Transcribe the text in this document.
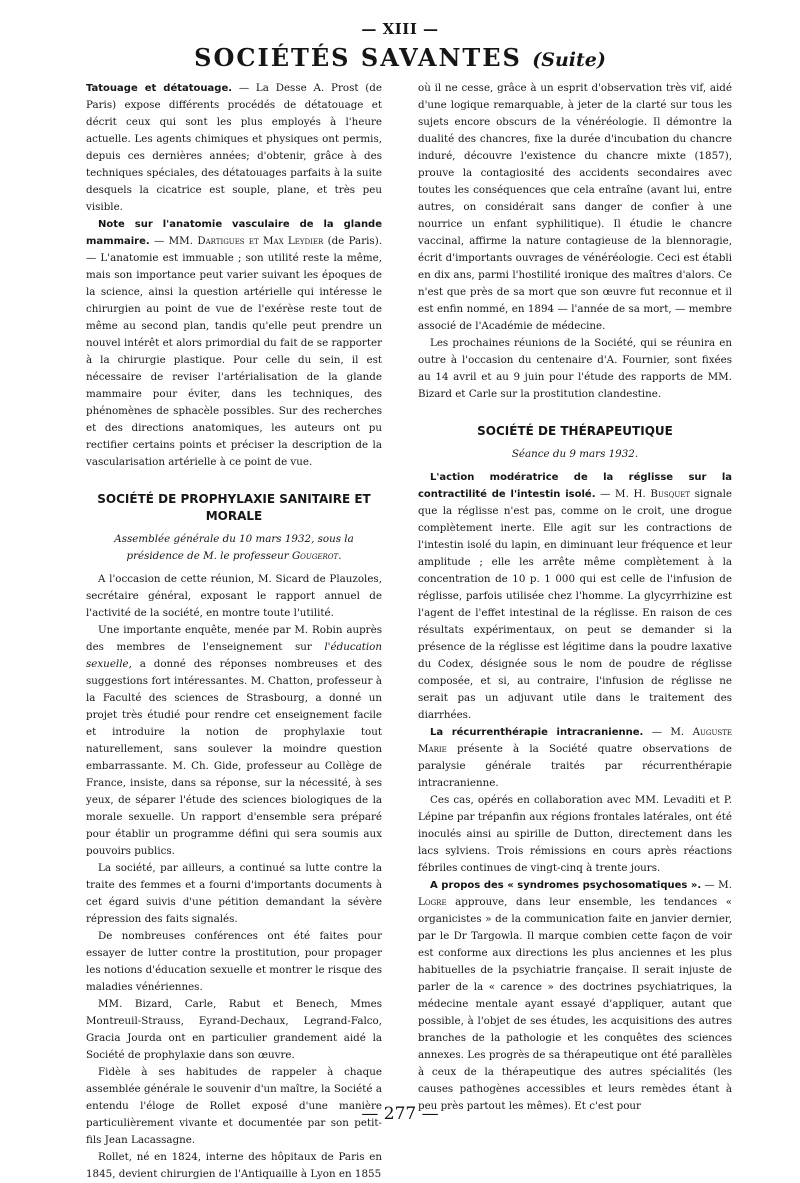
— XIII —
SOCIÉTÉS SAVANTES (Suite)

Tatouage et détatouage. — La Desse A. Prost (de Paris) expose différents procédés de détatouage et décrit ceux qui sont les plus employés à l'heure actuelle. Les agents chimiques et physiques ont permis, depuis ces dernières années; d'obtenir, grâce à des techniques spéciales, des détatouages parfaits à la suite desquels la cicatrice est souple, plane, et très peu visible.

Note sur l'anatomie vasculaire de la glande mammaire. — MM. Dartigues et Max Leydier (de Paris). — L'anatomie est immuable ; son utilité reste la même, mais son importance peut varier suivant les époques de la science, ainsi la question artérielle qui intéresse le chirurgien au point de vue de l'exérèse reste tout de même au second plan, tandis qu'elle peut prendre un nouvel intérêt et alors primordial du fait de se rapporter à la chirurgie plastique. Pour celle du sein, il est nécessaire de reviser l'artérialisation de la glande mammaire pour éviter, dans les techniques, des phénomènes de sphacèle possibles. Sur des recherches et des directions anatomiques, les auteurs ont pu rectifier certains points et préciser la description de la vascularisation artérielle à ce point de vue.

SOCIÉTÉ DE PROPHYLAXIE SANITAIRE ET MORALE

Assemblée générale du 10 mars 1932, sous la présidence de M. le professeur Gougerot.

A l'occasion de cette réunion, M. Sicard de Plauzoles, secrétaire général, exposant le rapport annuel de l'activité de la société, en montre toute l'utilité.

Une importante enquête, menée par M. Robin auprès des membres de l'enseignement sur l'éducation sexuelle, a donné des réponses nombreuses et des suggestions fort intéressantes. M. Chatton, professeur à la Faculté des sciences de Strasbourg, a donné un projet très étudié pour rendre cet enseignement facile et introduire la notion de prophylaxie tout naturellement, sans soulever la moindre question embarrassante. M. Ch. Gide, professeur au Collège de France, insiste, dans sa réponse, sur la nécessité, à ses yeux, de séparer l'étude des sciences biologiques de la morale sexuelle. Un rapport d'ensemble sera préparé pour établir un programme défini qui sera soumis aux pouvoirs publics.

La société, par ailleurs, a continué sa lutte contre la traite des femmes et a fourni d'importants documents à cet égard suivis d'une pétition demandant la sévère répression des faits signalés.

De nombreuses conférences ont été faites pour essayer de lutter contre la prostitution, pour propager les notions d'éducation sexuelle et montrer le risque des maladies vénériennes.

MM. Bizard, Carle, Rabut et Benech, Mmes Montreuil-Strauss, Eyrand-Dechaux, Legrand-Falco, Gracia Jourda ont en particulier grandement aidé la Société de prophylaxie dans son œuvre.

Fidèle à ses habitudes de rappeler à chaque assemblée générale le souvenir d'un maître, la Société a entendu l'éloge de Rollet exposé d'une manière particulièrement vivante et documentée par son petit-fils Jean Lacassagne.

Rollet, né en 1824, interne des hôpitaux de Paris en 1845, devient chirurgien de l'Antiquaille à Lyon en 1855

où il ne cesse, grâce à un esprit d'observation très vif, aidé d'une logique remarquable, à jeter de la clarté sur tous les sujets encore obscurs de la vénéréologie. Il démontre la dualité des chancres, fixe la durée d'incubation du chancre induré, découvre l'existence du chancre mixte (1857), prouve la contagiosité des accidents secondaires avec toutes les conséquences que cela entraîne (avant lui, entre autres, on considérait sans danger de confier à une nourrice un enfant syphilitique). Il étudie le chancre vaccinal, affirme la nature contagieuse de la blennoragie, écrit d'importants ouvrages de vénéréologie. Ceci est établi en dix ans, parmi l'hostilité ironique des maîtres d'alors. Ce n'est que près de sa mort que son œuvre fut reconnue et il est enfin nommé, en 1894 — l'année de sa mort, — membre associé de l'Académie de médecine.

Les prochaines réunions de la Société, qui se réunira en outre à l'occasion du centenaire d'A. Fournier, sont fixées au 14 avril et au 9 juin pour l'étude des rapports de MM. Bizard et Carle sur la prostitution clandestine.

SOCIÉTÉ DE THÉRAPEUTIQUE

Séance du 9 mars 1932.

L'action modératrice de la réglisse sur la contractilité de l'intestin isolé. — M. H. Busquet signale que la réglisse n'est pas, comme on le croit, une drogue complètement inerte. Elle agit sur les contractions de l'intestin isolé du lapin, en diminuant leur fréquence et leur amplitude ; elle les arrête même complètement à la concentration de 10 p. 1 000 qui est celle de l'infusion de réglisse, parfois utilisée chez l'homme. La glycyrrhizine est l'agent de l'effet intestinal de la réglisse. En raison de ces résultats expérimentaux, on peut se demander si la présence de la réglisse est légitime dans la poudre laxative du Codex, désignée sous le nom de poudre de réglisse composée, et si, au contraire, l'infusion de réglisse ne serait pas un adjuvant utile dans le traitement des diarrhées.

La récurrenthérapie intracranienne. — M. Auguste Marie présente à la Société quatre observations de paralysie générale traités par récurrenthérapie intracranienne.

Ces cas, opérés en collaboration avec MM. Levaditi et P. Lépine par trépanfin aux régions frontales latérales, ont été inoculés ainsi au spirille de Dutton, directement dans les lacs sylviens. Trois rémissions en cours après réactions fébriles continues de vingt-cinq à trente jours.

A propos des « syndromes psychosomatiques ». — M. Logre approuve, dans leur ensemble, les tendances « organicistes » de la communication faite en janvier dernier, par le Dr Targowla. Il marque combien cette façon de voir est conforme aux directions les plus anciennes et les plus habituelles de la psychiatrie française. Il serait injuste de parler de la « carence » des doctrines psychiatriques, la médecine mentale ayant essayé d'appliquer, autant que possible, à l'objet de ses études, les acquisitions des autres branches de la pathologie et les conquêtes des sciences annexes. Les progrès de sa thérapeutique ont été parallèles à ceux de la thérapeutique des autres spécialités (les causes pathogènes accessibles et leurs remèdes étant à peu près partout les mêmes). Et c'est pour

— 277 —
